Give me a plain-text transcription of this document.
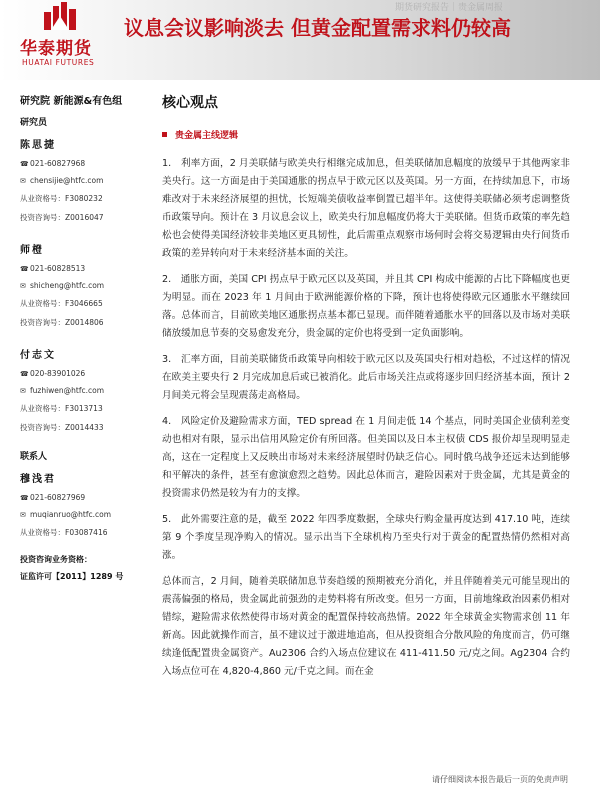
期货研究报告｜贵金属周报
华泰期货
HUATAI FUTURES
议息会议影响淡去 但黄金配置需求料仍较高
研究院 新能源&有色组
研究员
陈思捷
☎ 021-60827968
✉ chensijie@htfc.com
从业资格号：F3080232
投资咨询号：Z0016047
师橙
☎ 021-60828513
✉ shicheng@htfc.com
从业资格号：F3046665
投资咨询号：Z0014806
付志文
☎ 020-83901026
✉ fuzhiwen@htfc.com
从业资格号：F3013713
投资咨询号：Z0014433
联系人
穆浅君
☎ 021-60827969
✉ muqianruo@htfc.com
从业资格号：F03087416
投资咨询业务资格：
证监许可【2011】1289 号
核心观点
贵金属主线逻辑

1.　利率方面，2 月美联储与欧美央行相继完成加息，但美联储加息幅度的放缓早于其他两家非美央行。这一方面是由于美国通胀的拐点早于欧元区以及英国。另一方面，在持续加息下，市场难改对于未来经济展望的担忧，长短端美债收益率倒置已超半年。这使得美联储必须考虑调整货币政策导向。预计在 3 月议息会议上，欧美央行加息幅度仍将大于美联储。但货币政策的率先趋松也会使得美国经济较非美地区更具韧性，此后需重点观察市场何时会将交易逻辑由央行间货币政策的差异转向对于未来经济基本面的关注。

2.　通胀方面，美国 CPI 拐点早于欧元区以及英国，并且其 CPI 构成中能源的占比下降幅度也更为明显。而在 2023 年 1 月间由于欧洲能源价格的下降，预计也将使得欧元区通胀水平继续回落。总体而言，目前欧美地区通胀拐点基本都已显现。而伴随着通胀水平的回落以及市场对美联储放缓加息节奏的交易愈发充分，贵金属的定价也将受到一定负面影响。

3.　汇率方面，目前美联储货币政策导向相较于欧元区以及英国央行相对趋松，不过这样的情况在欧美主要央行 2 月完成加息后或已被消化。此后市场关注点或将逐步回归经济基本面，预计 2 月间美元将会呈现震荡走高格局。

4.　风险定价及避险需求方面，TED spread 在 1 月间走低 14 个基点，同时美国企业债利差变动也相对有限，显示出信用风险定价有所回落。但美国以及日本主权债 CDS 报价却呈现明显走高，这在一定程度上又反映出市场对未来经济展望时仍缺乏信心。同时俄乌战争还远未达到能够和平解决的条件，甚至有愈演愈烈之趋势。因此总体而言，避险因素对于贵金属，尤其是黄金的投资需求仍然是较为有力的支撑。

5.　此外需要注意的是，截至 2022 年四季度数据，全球央行购金量再度达到 417.10 吨，连续第 9 个季度呈现净购入的情况。显示出当下全球机构乃至央行对于黄金的配置热情仍然相对高涨。

总体而言，2 月间，随着美联储加息节奏趋缓的预期被充分消化，并且伴随着美元可能呈现出的震荡偏强的格局，贵金属此前强劲的走势料将有所改变。但另一方面，目前地缘政治因素仍相对错综，避险需求依然使得市场对黄金的配置保持较高热情。2022 年全球黄金实物需求创 11 年新高。因此就操作而言，虽不建议过于激进地追高，但从投资组合分散风险的角度而言，仍可继续逢低配置贵金属资产。Au2306 合约入场点位建议在 411-411.50 元/克之间。Ag2304 合约入场点位可在 4,820-4,860 元/千克之间。而在金

请仔细阅读本报告最后一页的免责声明
